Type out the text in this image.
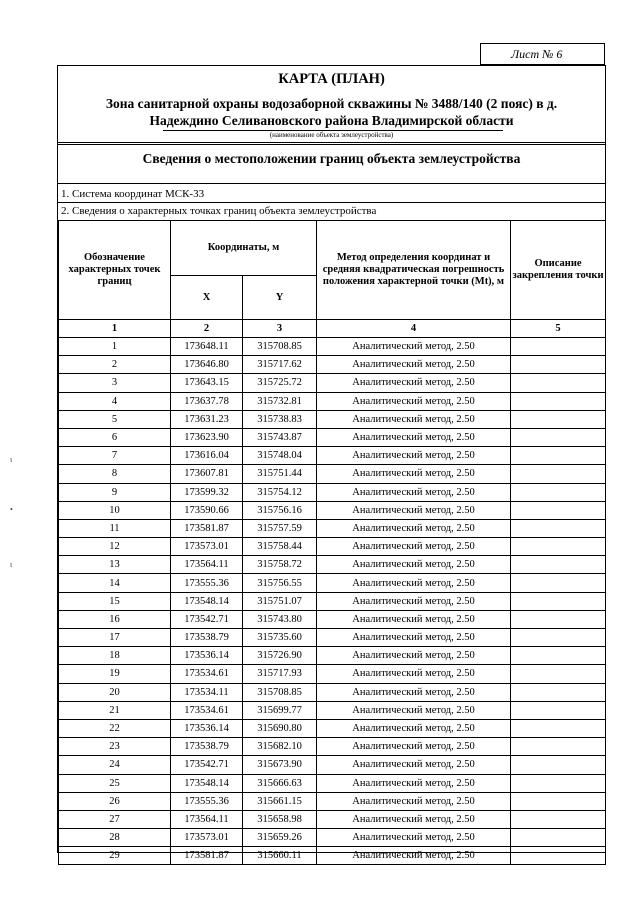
Лист № 6
КАРТА (ПЛАН)
Зона санитарной охраны водозаборной скважины № 3488/140 (2 пояс) в д.
Надеждино Селивановского района Владимирской области
(наименование объекта землеустройства)
Сведения о местоположении границ объекта землеустройства
1. Система координат МСК-33
2. Сведения о характерных точках границ объекта землеустройства
Обозначение характерных точек границ	Координаты, м		Метод определения координат и средняя квадратическая погрешность положения характерной точки (Mt), м	Описание закрепления точки
	X	Y		
1	2	3	4	5
1	173648.11	315708.85	Аналитический метод, 2.50	
2	173646.80	315717.62	Аналитический метод, 2.50	
3	173643.15	315725.72	Аналитический метод, 2.50	
4	173637.78	315732.81	Аналитический метод, 2.50	
5	173631.23	315738.83	Аналитический метод, 2.50	
6	173623.90	315743.87	Аналитический метод, 2.50	
7	173616.04	315748.04	Аналитический метод, 2.50	
8	173607.81	315751.44	Аналитический метод, 2.50	
9	173599.32	315754.12	Аналитический метод, 2.50	
10	173590.66	315756.16	Аналитический метод, 2.50	
11	173581.87	315757.59	Аналитический метод, 2.50	
12	173573.01	315758.44	Аналитический метод, 2.50	
13	173564.11	315758.72	Аналитический метод, 2.50	
14	173555.36	315756.55	Аналитический метод, 2.50	
15	173548.14	315751.07	Аналитический метод, 2.50	
16	173542.71	315743.80	Аналитический метод, 2.50	
17	173538.79	315735.60	Аналитический метод, 2.50	
18	173536.14	315726.90	Аналитический метод, 2.50	
19	173534.61	315717.93	Аналитический метод, 2.50	
20	173534.11	315708.85	Аналитический метод, 2.50	
21	173534.61	315699.77	Аналитический метод, 2.50	
22	173536.14	315690.80	Аналитический метод, 2.50	
23	173538.79	315682.10	Аналитический метод, 2.50	
24	173542.71	315673.90	Аналитический метод, 2.50	
25	173548.14	315666.63	Аналитический метод, 2.50	
26	173555.36	315661.15	Аналитический метод, 2.50	
27	173564.11	315658.98	Аналитический метод, 2.50	
28	173573.01	315659.26	Аналитический метод, 2.50	
29	173581.87	315660.11	Аналитический метод, 2.50	
ι
•
ι
